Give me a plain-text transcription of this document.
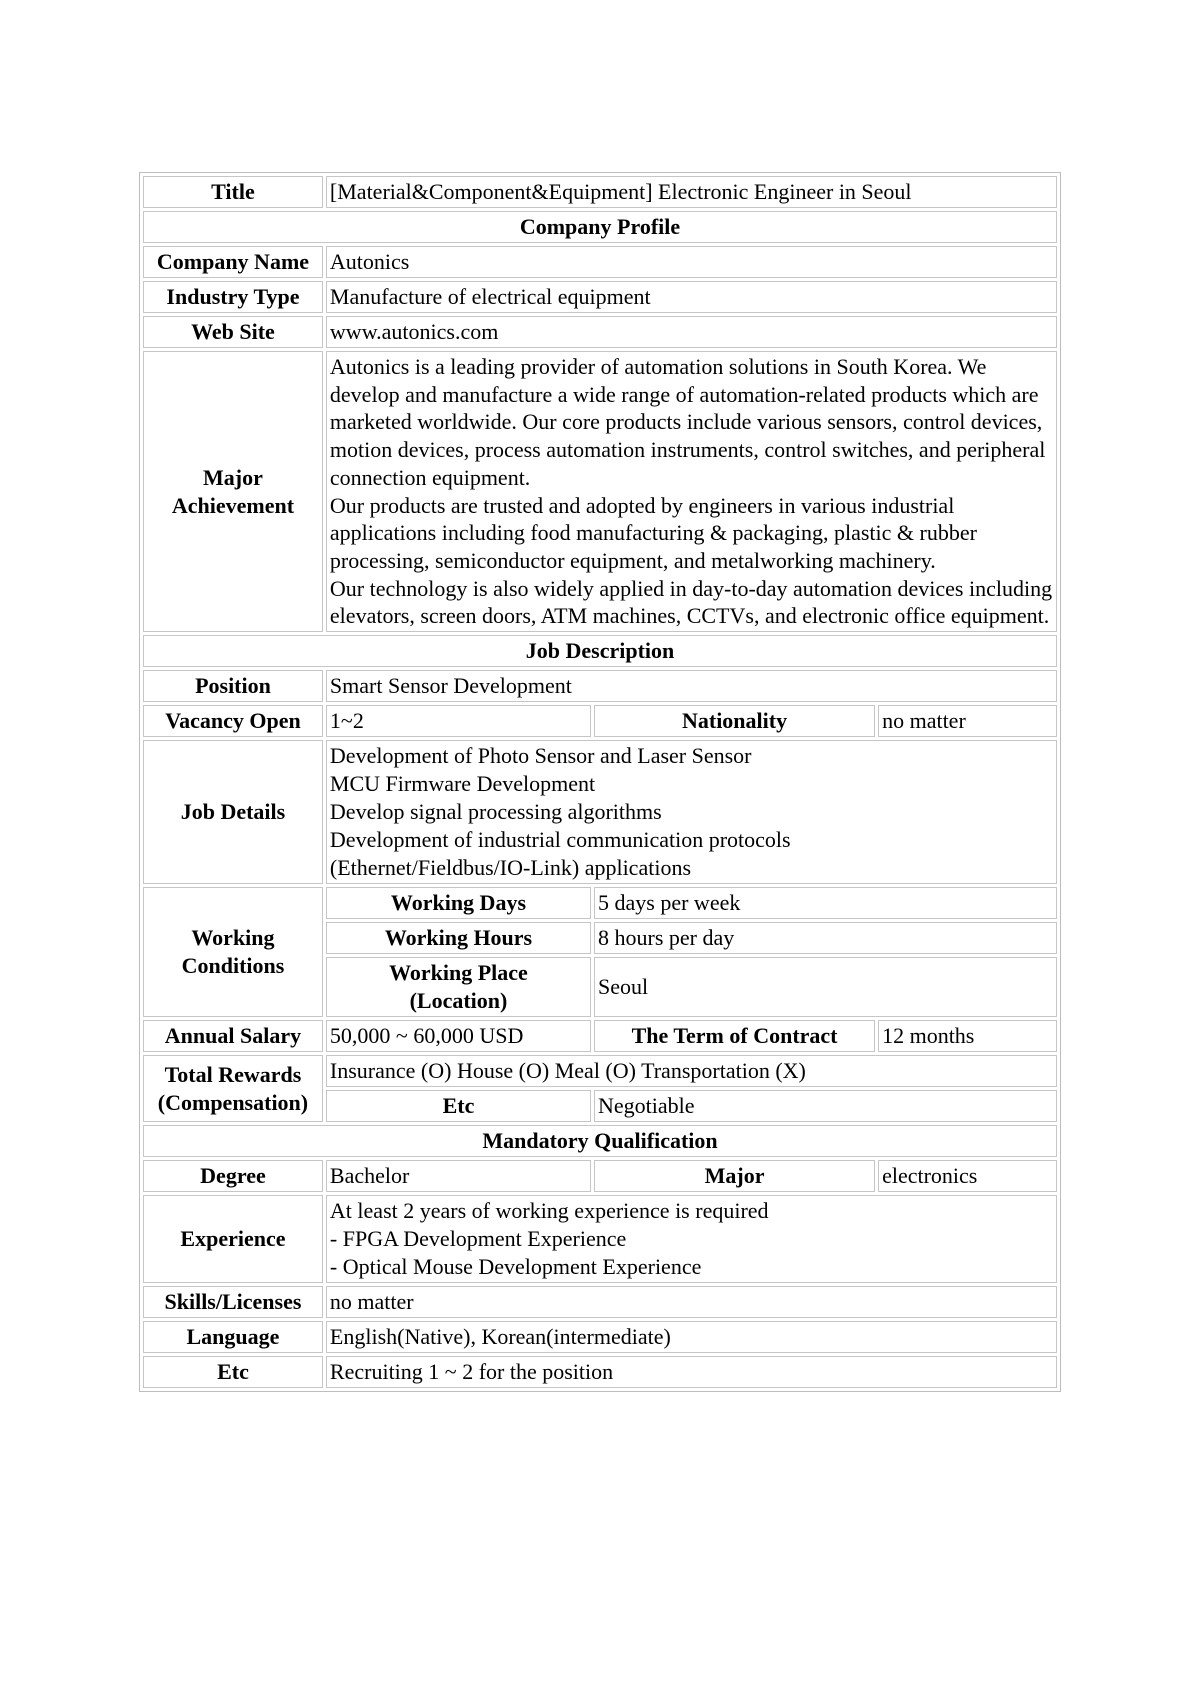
Title	[Material&Component&Equipment] Electronic Engineer in Seoul		
Company Profile			
Company Name	Autonics		
Industry Type	Manufacture of electrical equipment		
Web Site	www.autonics.com		
Major Achievement	Autonics is a leading provider of automation solutions in South Korea. We develop and manufacture a wide range of automation-related products which are marketed worldwide. Our core products include various sensors, control devices, motion devices, process automation instruments, control switches, and peripheral connection equipment.
Our products are trusted and adopted by engineers in various industrial applications including food manufacturing & packaging, plastic & rubber processing, semiconductor equipment, and metalworking machinery.
Our technology is also widely applied in day-to-day automation devices including elevators, screen doors, ATM machines, CCTVs, and electronic office equipment.		
Job Description			
Position	Smart Sensor Development		
Vacancy Open	1~2	Nationality	no matter
Job Details	Development of Photo Sensor and Laser Sensor
MCU Firmware Development
Develop signal processing algorithms
Development of industrial communication protocols
(Ethernet/Fieldbus/IO-Link) applications		
Working Conditions	Working Days	5 days per week	
	Working Hours	8 hours per day	
	Working Place
(Location)	Seoul	
Annual Salary	50,000 ~ 60,000 USD	The Term of Contract	12 months
Total Rewards (Compensation)	Insurance (O) House (O) Meal (O) Transportation (X)		
	Etc	Negotiable	
Mandatory Qualification			
Degree	Bachelor	Major	electronics
Experience	At least 2 years of working experience is required
- FPGA Development Experience
- Optical Mouse Development Experience		
Skills/Licenses	no matter		
Language	English(Native), Korean(intermediate)		
Etc	Recruiting 1 ~ 2 for the position		
